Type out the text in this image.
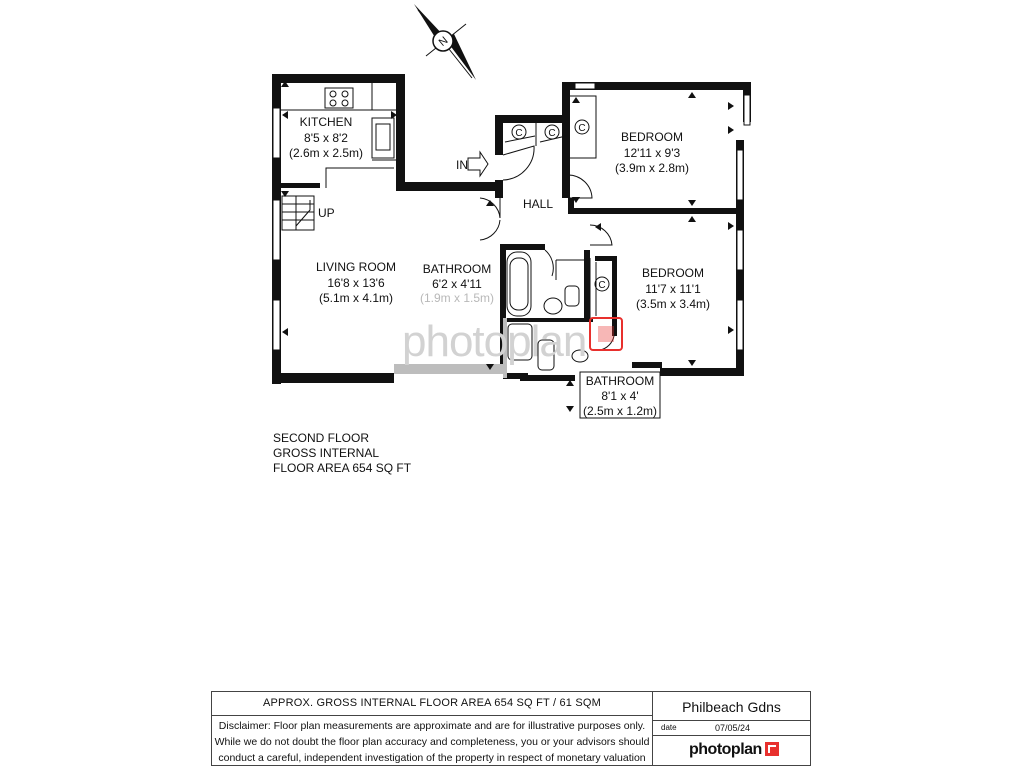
N
C	C C
C
photoplan
KITCHEN
8'5 x 8'2
(2.6m x 2.5m)
BEDROOM
12'11 x 9'3
(3.9m x 2.8m)
LIVING ROOM
16'8 x 13'6
(5.1m x 4.1m)
BATHROOM
6'2 x 4'11
(1.9m x 1.5m)
BEDROOM
11'7 x 11'1
(3.5m x 3.4m)
BATHROOM
8'1 x 4'
(2.5m x 1.2m)
HALL
IN
UP
SECOND FLOOR
GROSS INTERNAL
FLOOR AREA 654 SQ FT
APPROX. GROSS INTERNAL FLOOR AREA 654 SQ FT / 61 SQM
Disclaimer: Floor plan measurements are approximate and are for illustrative purposes only.
While we do not doubt the floor plan accuracy and completeness, you or your advisors should
conduct a careful, independent investigation of the property in respect of monetary valuation
Philbeach Gdns
date	07/05/24
photoplan
